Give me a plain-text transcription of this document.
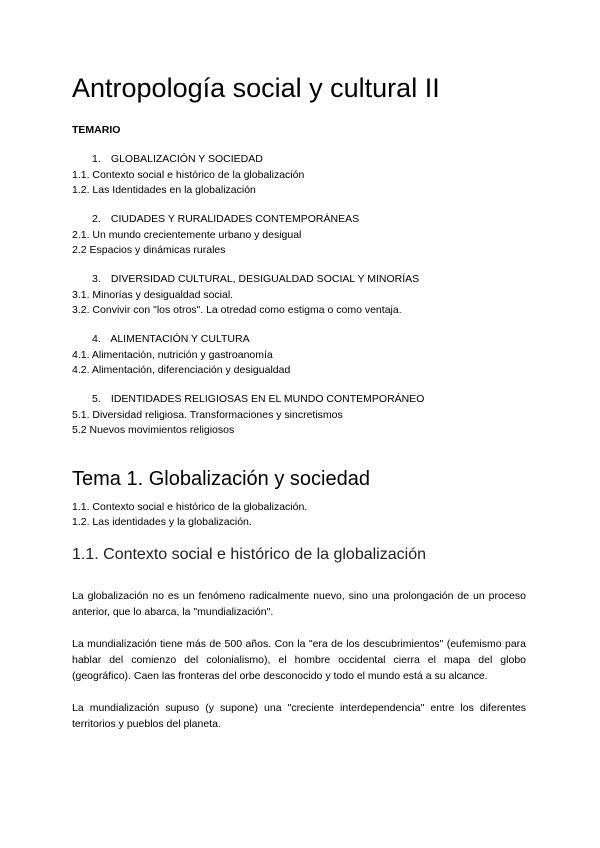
Antropología social y cultural II

TEMARIO

1. GLOBALIZACIÓN Y SOCIEDAD

1.1. Contexto social e histórico de la globalización

1.2. Las Identidades en la globalización

2. CIUDADES Y RURALIDADES CONTEMPORÁNEAS

2.1. Un mundo crecientemente urbano y desigual

2.2 Espacios y dinámicas rurales

3. DIVERSIDAD CULTURAL, DESIGUALDAD SOCIAL Y MINORÍAS

3.1. Minorías y desigualdad social.

3.2. Convivir con "los otros". La otredad como estigma o como ventaja.

4. ALIMENTACIÓN Y CULTURA

4.1. Alimentación, nutrición y gastroanomía

4.2. Alimentación, diferenciación y desigualdad

5. IDENTIDADES RELIGIOSAS EN EL MUNDO CONTEMPORÁNEO

5.1. Diversidad religiosa. Transformaciones y sincretismos

5.2 Nuevos movimientos religiosos

Tema 1. Globalización y sociedad

1.1. Contexto social e histórico de la globalización.

1.2. Las identidades y la globalización.

1.1. Contexto social e histórico de la globalización

La globalización no es un fenómeno radicalmente nuevo, sino una prolongación de un proceso anterior, que lo abarca, la "mundialización".

La mundialización tiene más de 500 años. Con la "era de los descubrimientos" (eufemismo para hablar del comienzo del colonialismo), el hombre occidental cierra el mapa del globo (geográfico). Caen las fronteras del orbe desconocido y todo el mundo está a su alcance.

La mundialización supuso (y supone) una "creciente interdependencia" entre los diferentes territorios y pueblos del planeta.
